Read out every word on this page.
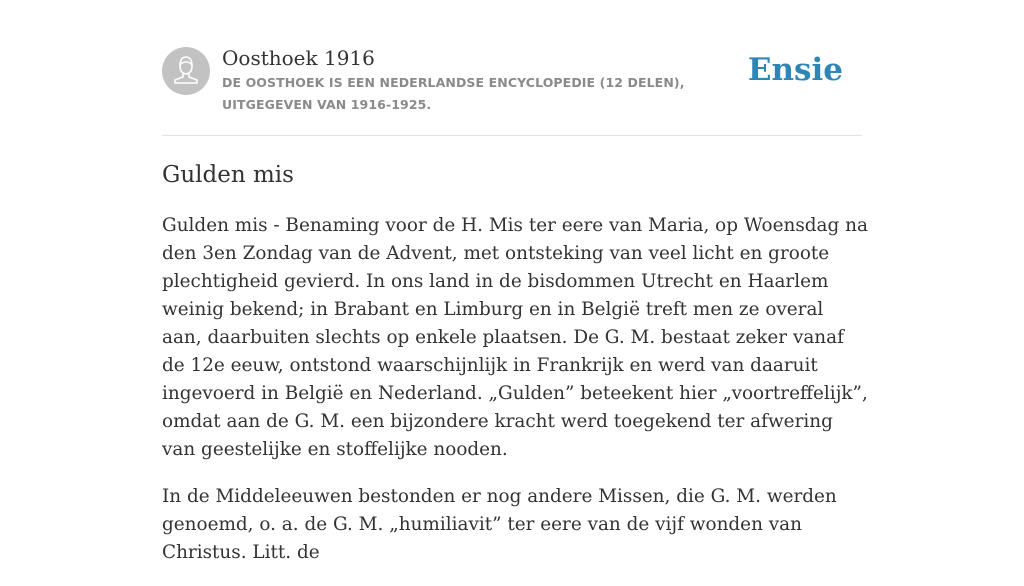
Oosthoek 1916
DE OOSTHOEK IS EEN NEDERLANDSE ENCYCLOPEDIE (12 DELEN), UITGEGEVEN VAN 1916-1925.
Ensie
Gulden mis

Gulden mis - Benaming voor de H. Mis ter eere van Maria, op Woensdag na den 3en Zondag van de Advent, met ontsteking van veel licht en groote plechtigheid gevierd. In ons land in de bisdommen Utrecht en Haarlem weinig bekend; in Brabant en Limburg en in België treft men ze overal aan, daarbuiten slechts op enkele plaatsen. De G. M. bestaat zeker vanaf de 12e eeuw, ontstond waarschijnlijk in Frankrijk en werd van daaruit ingevoerd in België en Nederland. „Gulden” beteekent hier „voortreffelijk”, omdat aan de G. M. een bijzondere kracht werd toegekend ter afwering van geestelijke en stoffelijke nooden.

In de Middeleeuwen bestonden er nog andere Missen, die G. M. werden genoemd, o. a. de G. M. „humiliavit” ter eere van de vijf wonden van Christus. Litt. de
